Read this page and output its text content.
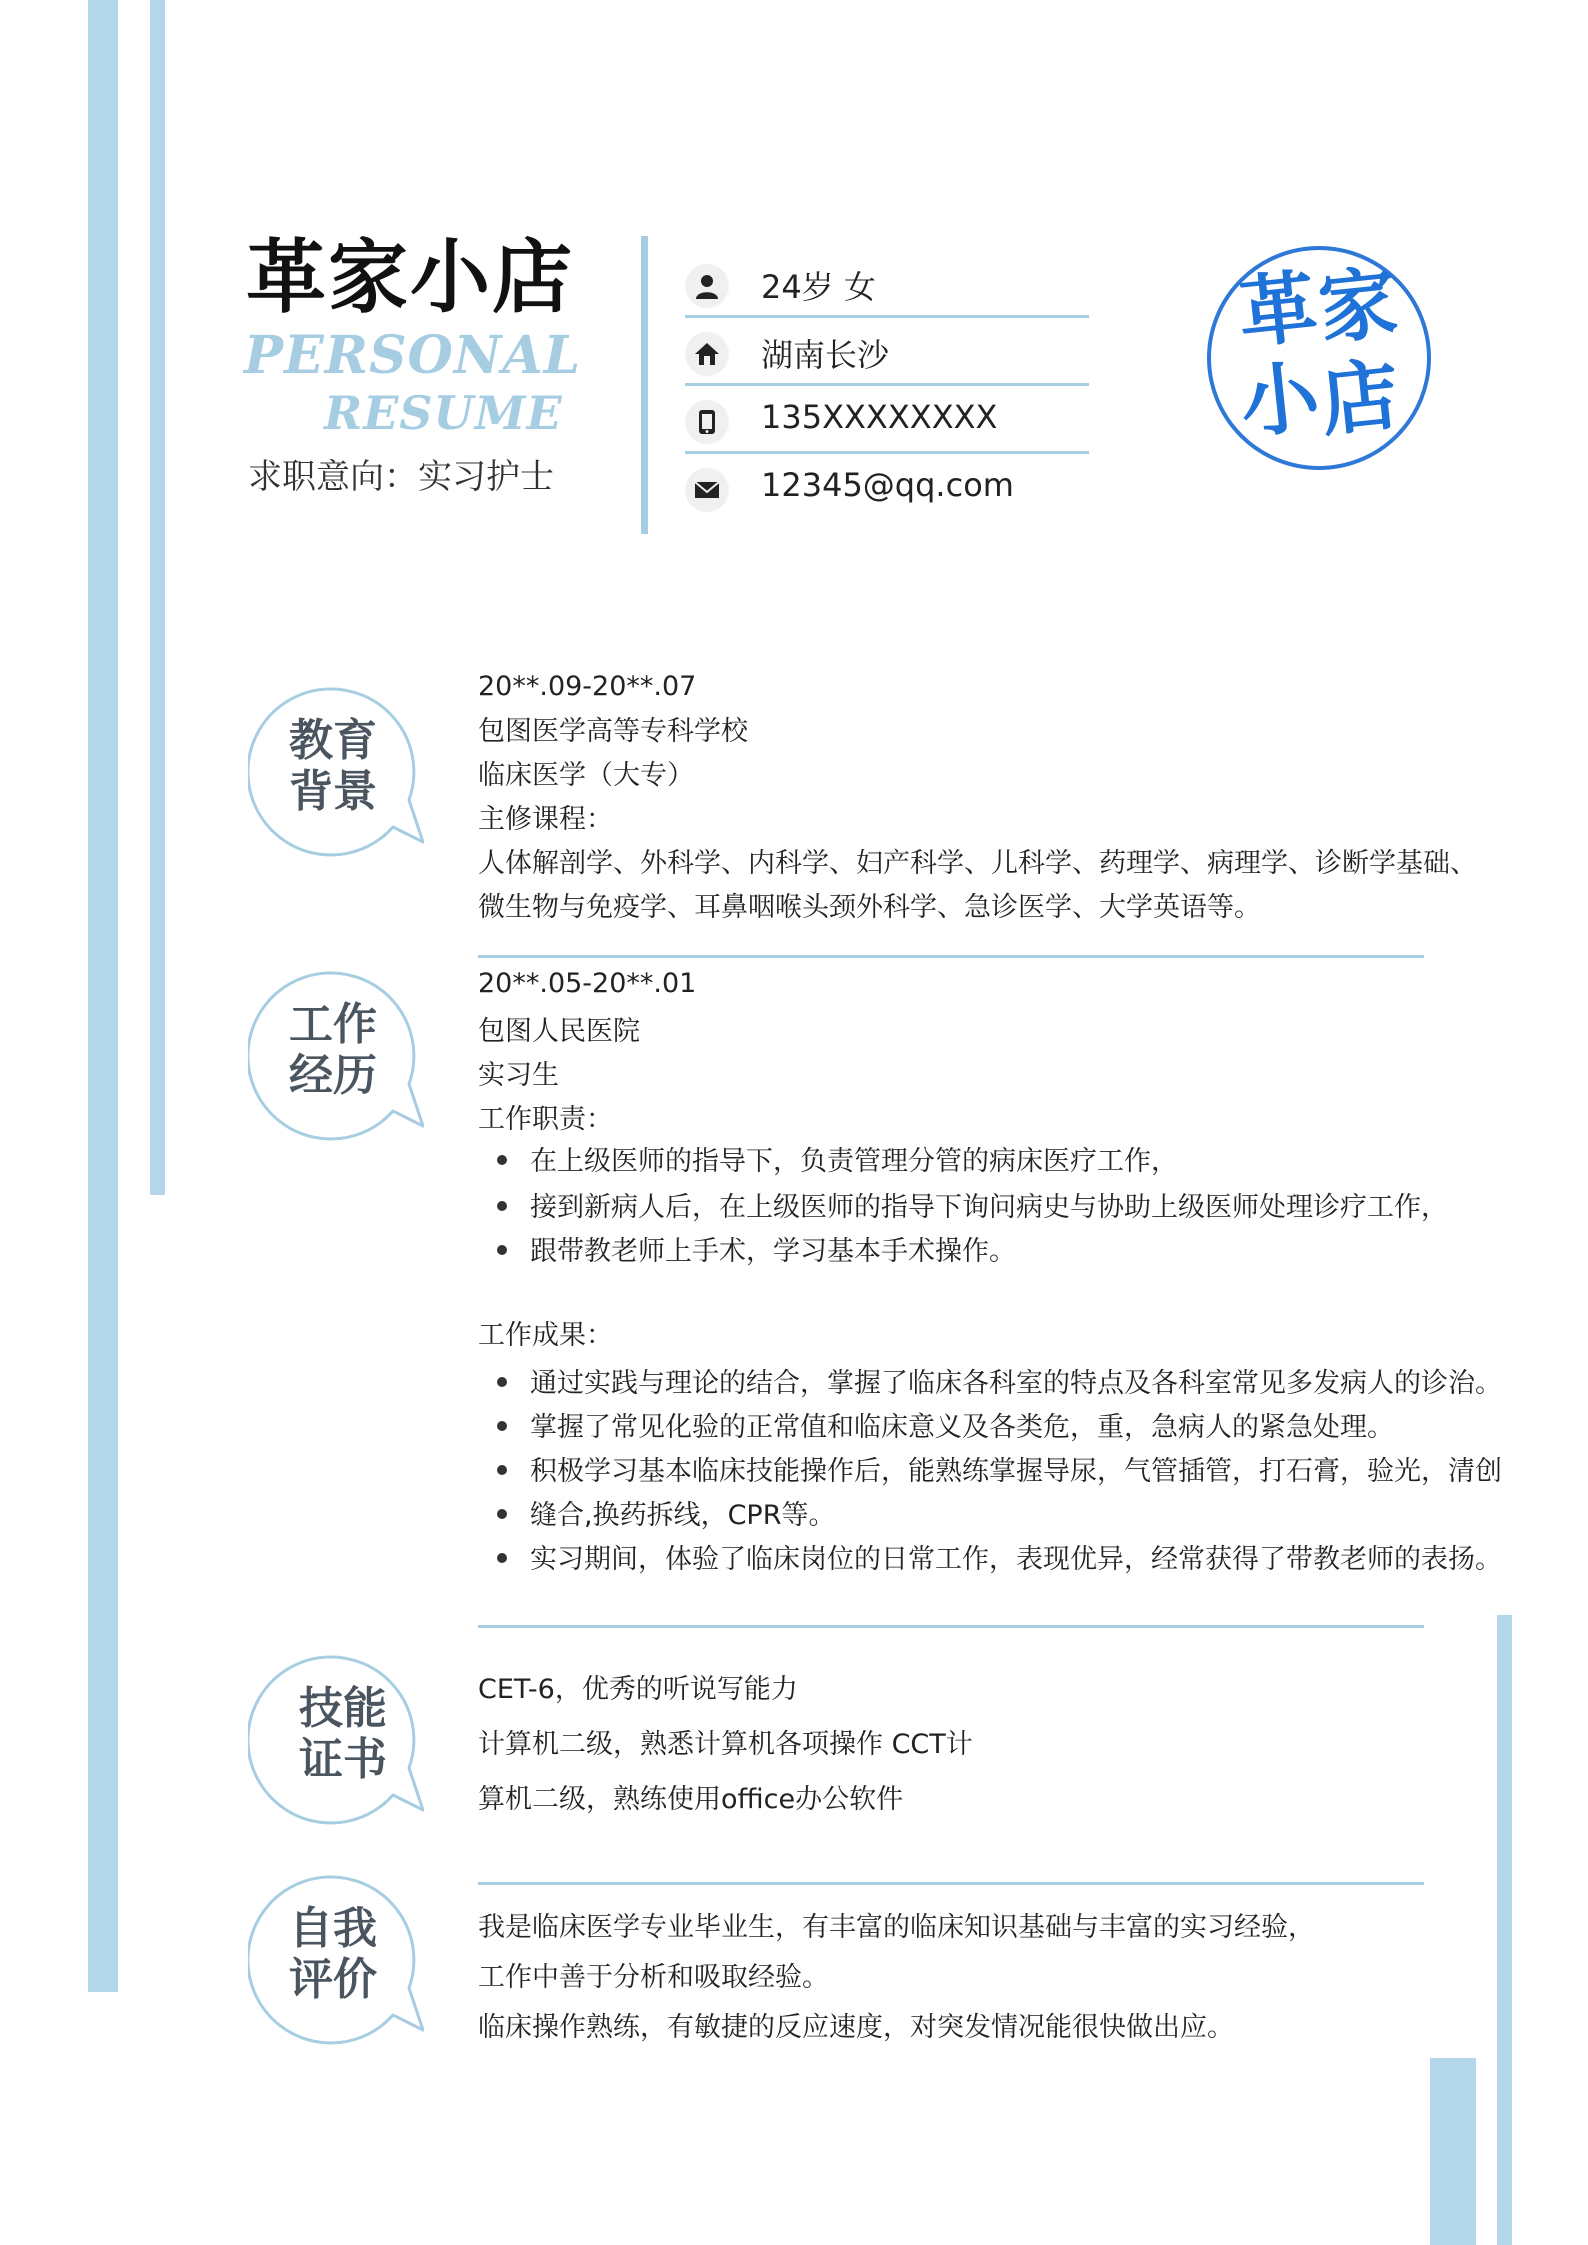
革家小店
PERSONAL
RESUME
求职意向：实习护士
24岁 女
湖南长沙
135XXXXXXXX
12345@qq.com
革
家
小
店
教育
背景
20**.09-20**.07
包图医学高等专科学校
临床医学（大专）
主修课程：
人体解剖学、外科学、内科学、妇产科学、儿科学、药理学、病理学、诊断学基础、
微生物与免疫学、耳鼻咽喉头颈外科学、急诊医学、大学英语等。
工作
经历
20**.05-20**.01
包图人民医院
实习生
工作职责：
在上级医师的指导下，负责管理分管的病床医疗工作，
接到新病人后，在上级医师的指导下询问病史与协助上级医师处理诊疗工作，
跟带教老师上手术，学习基本手术操作。
工作成果：
通过实践与理论的结合，掌握了临床各科室的特点及各科室常见多发病人的诊治。
掌握了常见化验的正常值和临床意义及各类危，重，急病人的紧急处理。
积极学习基本临床技能操作后，能熟练掌握导尿，气管插管，打石膏，验光，清创
缝合,换药拆线，CPR等。
实习期间，体验了临床岗位的日常工作，表现优异，经常获得了带教老师的表扬。
技能
证书
CET-6，优秀的听说写能力
计算机二级，熟悉计算机各项操作 CCT计
算机二级，熟练使用office办公软件
自我
评价
我是临床医学专业毕业生，有丰富的临床知识基础与丰富的实习经验，
工作中善于分析和吸取经验。
临床操作熟练，有敏捷的反应速度，对突发情况能很快做出应。
